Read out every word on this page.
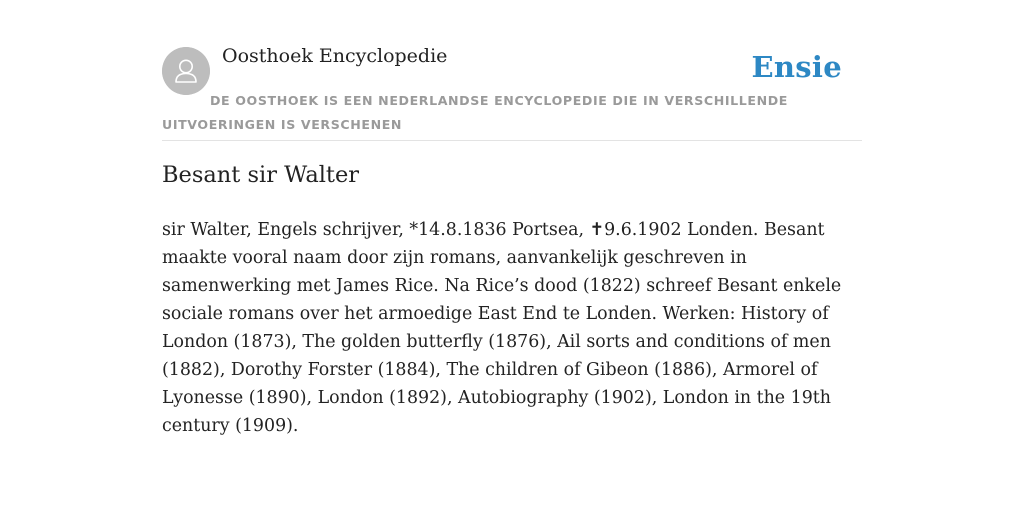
Oosthoek Encyclopedie	Ensie
DE OOSTHOEK IS EEN NEDERLANDSE ENCYCLOPEDIE DIE IN VERSCHILLENDE UITVOERINGEN IS VERSCHENEN
Besant sir Walter

sir Walter, Engels schrijver, *14.8.1836 Portsea, ✝9.6.1902 Londen. Besant maakte vooral naam door zijn romans, aanvankelijk geschreven in samenwerking met James Rice. Na Rice’s dood (1822) schreef Besant enkele sociale romans over het armoedige East End te Londen. Werken: History of London (1873), The golden butterfly (1876), Ail sorts and conditions of men (1882), Dorothy Forster (1884), The children of Gibeon (1886), Armorel of Lyonesse (1890), London (1892), Autobiography (1902), London in the 19th century (1909).
